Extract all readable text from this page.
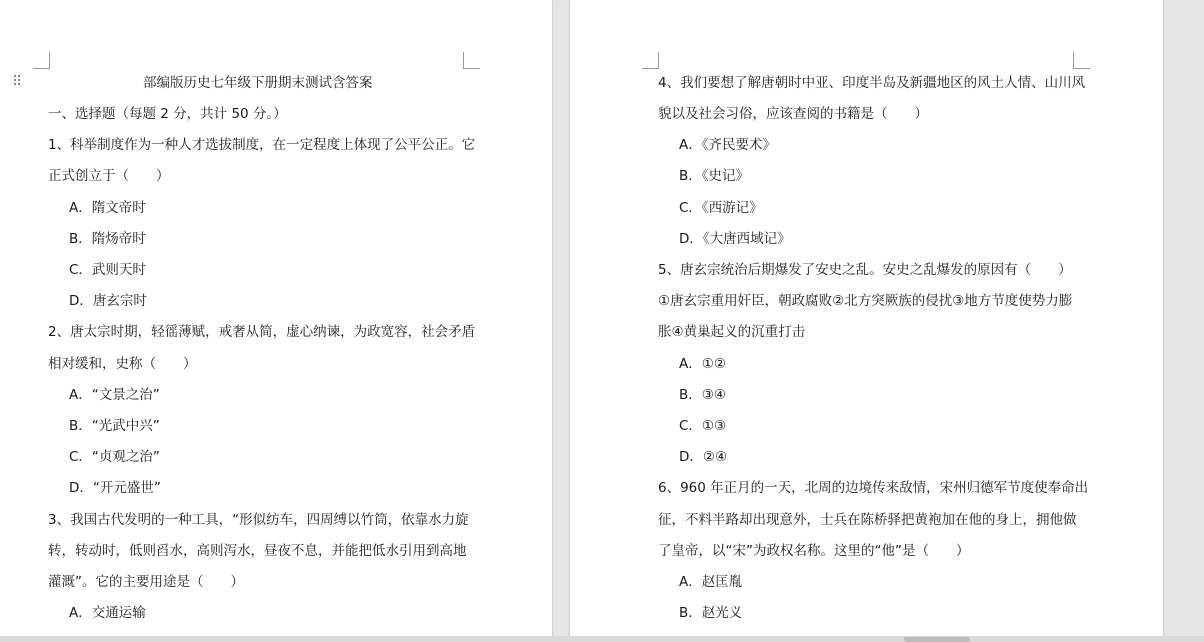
⠿	部编版历史七年级下册期末测试含答案
一、选择题（每题 2 分，共计 50 分。）
1、科举制度作为一种人才选拔制度，在一定程度上体现了公平公正。它
正式创立于（　　）
A．隋文帝时
B．隋炀帝时
C．武则天时
D．唐玄宗时
2、唐太宗时期，轻徭薄赋，戒奢从简，虚心纳谏，为政宽容，社会矛盾
相对缓和，史称（　　）
A．“文景之治”
B．“光武中兴”
C．“贞观之治”
D．“开元盛世”
3、我国古代发明的一种工具，“形似纺车，四周缚以竹筒，依靠水力旋
转，转动时，低则舀水，高则泻水，昼夜不息，并能把低水引用到高地
灌溉”。它的主要用途是（　　）
A．交通运输
4、我们要想了解唐朝时中亚、印度半岛及新疆地区的风土人情、山川风
貌以及社会习俗，应该查阅的书籍是（　　）
A．《齐民要术》
B．《史记》
C．《西游记》
D．《大唐西域记》
5、唐玄宗统治后期爆发了安史之乱。安史之乱爆发的原因有（　　）
①唐玄宗重用奸臣，朝政腐败②北方突厥族的侵扰③地方节度使势力膨
胀④黄巢起义的沉重打击
A．①②
B．③④
C．①③
D．②④
6、960 年正月的一天，北周的边境传来敌情，宋州归德军节度使奉命出
征，不料半路却出现意外，士兵在陈桥驿把黄袍加在他的身上，拥他做
了皇帝，以“宋”为政权名称。这里的“他”是（　　）
A．赵匡胤
B．赵光义
